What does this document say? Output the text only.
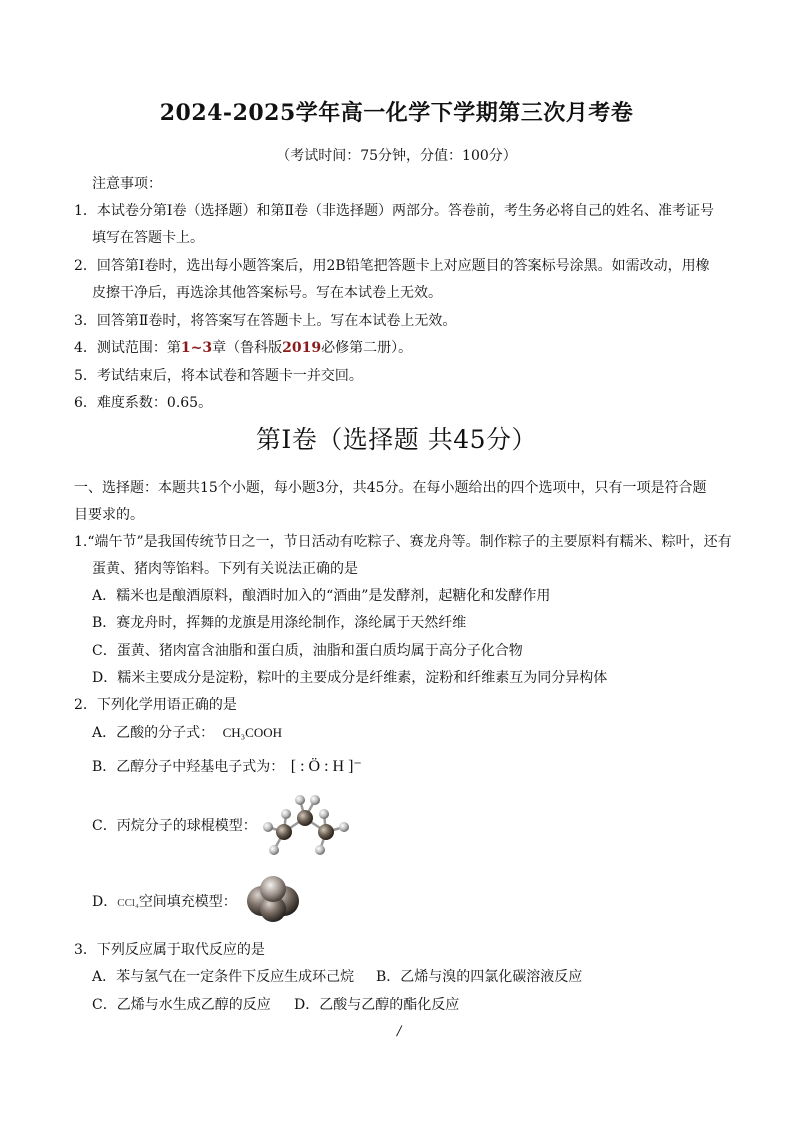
2024-2025学年高一化学下学期第三次月考卷
（考试时间：75分钟，分值：100分）
注意事项：
1．本试卷分第Ⅰ卷（选择题）和第Ⅱ卷（非选择题）两部分。答卷前，考生务必将自己的姓名、准考证号
填写在答题卡上。
2．回答第Ⅰ卷时，选出每小题答案后，用2B铅笔把答题卡上对应题目的答案标号涂黑。如需改动，用橡
皮擦干净后，再选涂其他答案标号。写在本试卷上无效。
3．回答第Ⅱ卷时，将答案写在答题卡上。写在本试卷上无效。
4．测试范围：第1~3章（鲁科版2019必修第二册）。
5．考试结束后，将本试卷和答题卡一并交回。
6．难度系数：0.65。
第Ⅰ卷（选择题 共45分）
一、选择题：本题共15个小题，每小题3分，共45分。在每小题给出的四个选项中，只有一项是符合题
目要求的。
1.“端午节”是我国传统节日之一，节日活动有吃粽子、赛龙舟等。制作粽子的主要原料有糯米、粽叶，还有
蛋黄、猪肉等馅料。下列有关说法正确的是
A．糯米也是酿酒原料，酿酒时加入的“酒曲”是发酵剂，起糖化和发酵作用
B．赛龙舟时，挥舞的龙旗是用涤纶制作，涤纶属于天然纤维
C．蛋黄、猪肉富含油脂和蛋白质，油脂和蛋白质均属于高分子化合物
D．糯米主要成分是淀粉，粽叶的主要成分是纤维素，淀粉和纤维素互为同分异构体
2．下列化学用语正确的是
A．乙酸的分子式： CH₃COOH
B．乙醇分子中羟基电子式为： [ : Ö : H ]⁻
C．丙烷分子的球棍模型：
D．CCl₄空间填充模型：
3．下列反应属于取代反应的是
A．苯与氢气在一定条件下反应生成环己烷 B．乙烯与溴的四氯化碳溶液反应
C．乙烯与水生成乙醇的反应 D．乙酸与乙醇的酯化反应
/
